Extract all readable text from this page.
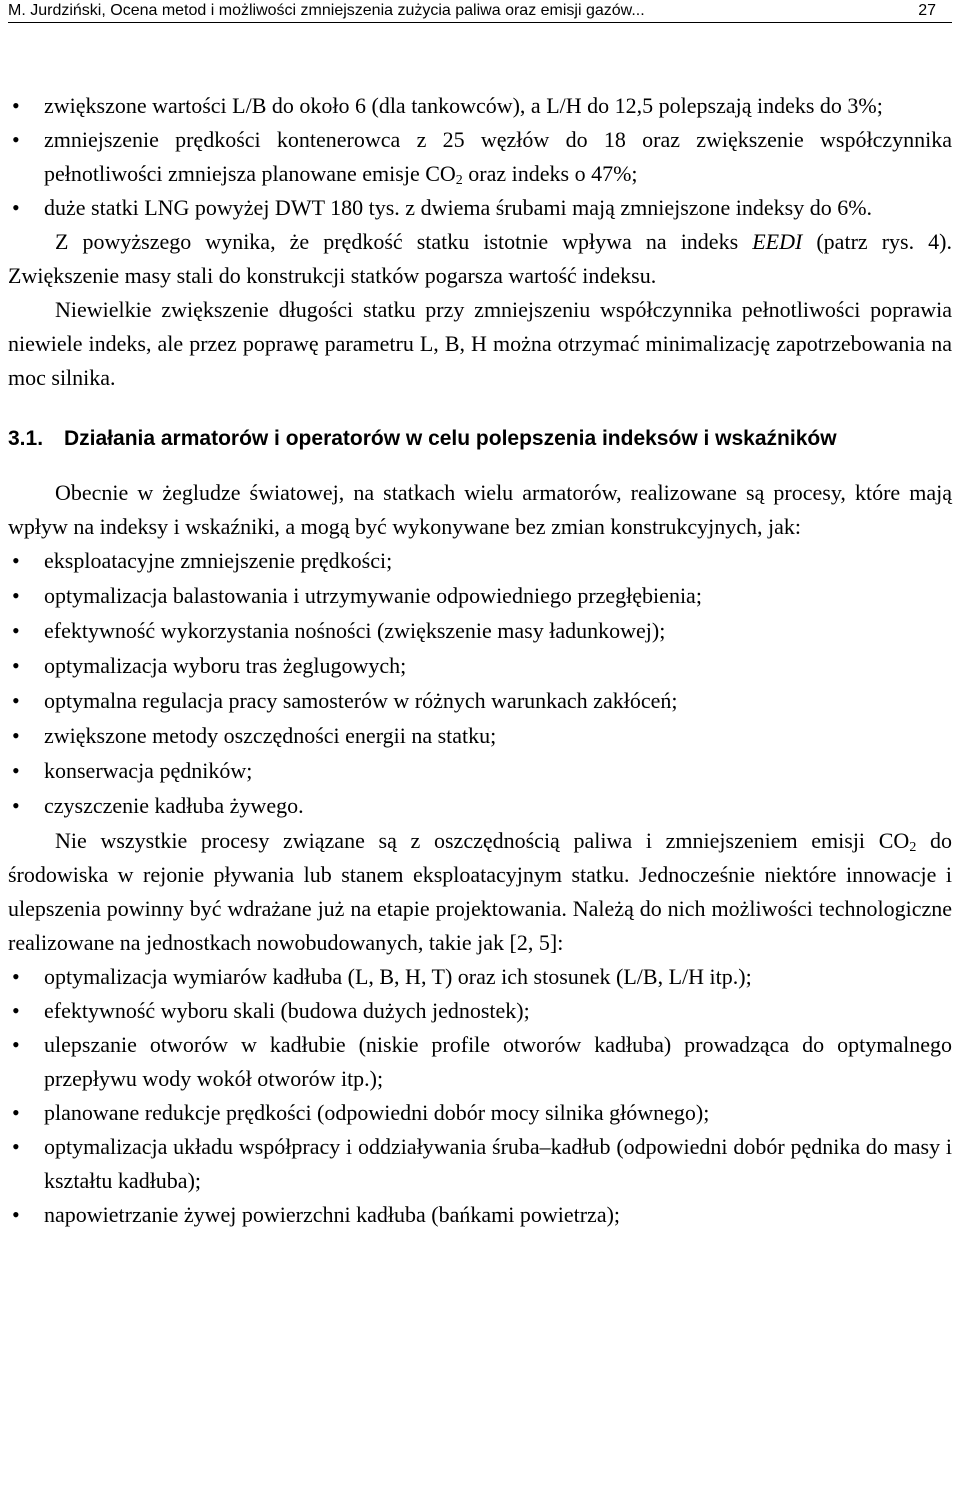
M. Jurdziński, Ocena metod i możliwości zmniejszenia zużycia paliwa oraz emisji gazów...	27
• zwiększone wartości L/B do około 6 (dla tankowców), a L/H do 12,5 polepszają indeks do 3%;
• zmniejszenie prędkości kontenerowca z 25 węzłów do 18 oraz zwiększenie współczynnika pełnotliwości zmniejsza planowane emisje $CO_2$ oraz indeks o 47%;
• duże statki LNG powyżej DWT 180 tys. z dwiema śrubami mają zmniejszone indeksy do 6%.

Z powyższego wynika, że prędkość statku istotnie wpływa na indeks EEDI (patrz rys. 4). Zwiększenie masy stali do konstrukcji statków pogarsza wartość indeksu.

Niewielkie zwiększenie długości statku przy zmniejszeniu współczynnika pełnotliwości poprawia niewiele indeks, ale przez poprawę parametru L, B, H można otrzymać minimalizację zapotrzebowania na moc silnika.

3.1. Działania armatorów i operatorów w celu polepszenia indeksów i wskaźników

Obecnie w żegludze światowej, na statkach wielu armatorów, realizowane są procesy, które mają wpływ na indeksy i wskaźniki, a mogą być wykonywane bez zmian konstrukcyjnych, jak:

• eksploatacyjne zmniejszenie prędkości;
• optymalizacja balastowania i utrzymywanie odpowiedniego przegłębienia;
• efektywność wykorzystania nośności (zwiększenie masy ładunkowej);
• optymalizacja wyboru tras żeglugowych;
• optymalna regulacja pracy samosterów w różnych warunkach zakłóceń;
• zwiększone metody oszczędności energii na statku;
• konserwacja pędników;
• czyszczenie kadłuba żywego.

Nie wszystkie procesy związane są z oszczędnością paliwa i zmniejszeniem emisji $CO_2$ do środowiska w rejonie pływania lub stanem eksploatacyjnym statku. Jednocześnie niektóre innowacje i ulepszenia powinny być wdrażane już na etapie projektowania. Należą do nich możliwości technologiczne realizowane na jednostkach nowobudowanych, takie jak [2, 5]:

• optymalizacja wymiarów kadłuba (L, B, H, T) oraz ich stosunek (L/B, L/H itp.);
• efektywność wyboru skali (budowa dużych jednostek);
• ulepszanie otworów w kadłubie (niskie profile otworów kadłuba) prowadząca do optymalnego przepływu wody wokół otworów itp.);
• planowane redukcje prędkości (odpowiedni dobór mocy silnika głównego);
• optymalizacja układu współpracy i oddziaływania śruba–kadłub (odpowiedni dobór pędnika do masy i kształtu kadłuba);
• napowietrzanie żywej powierzchni kadłuba (bańkami powietrza);
